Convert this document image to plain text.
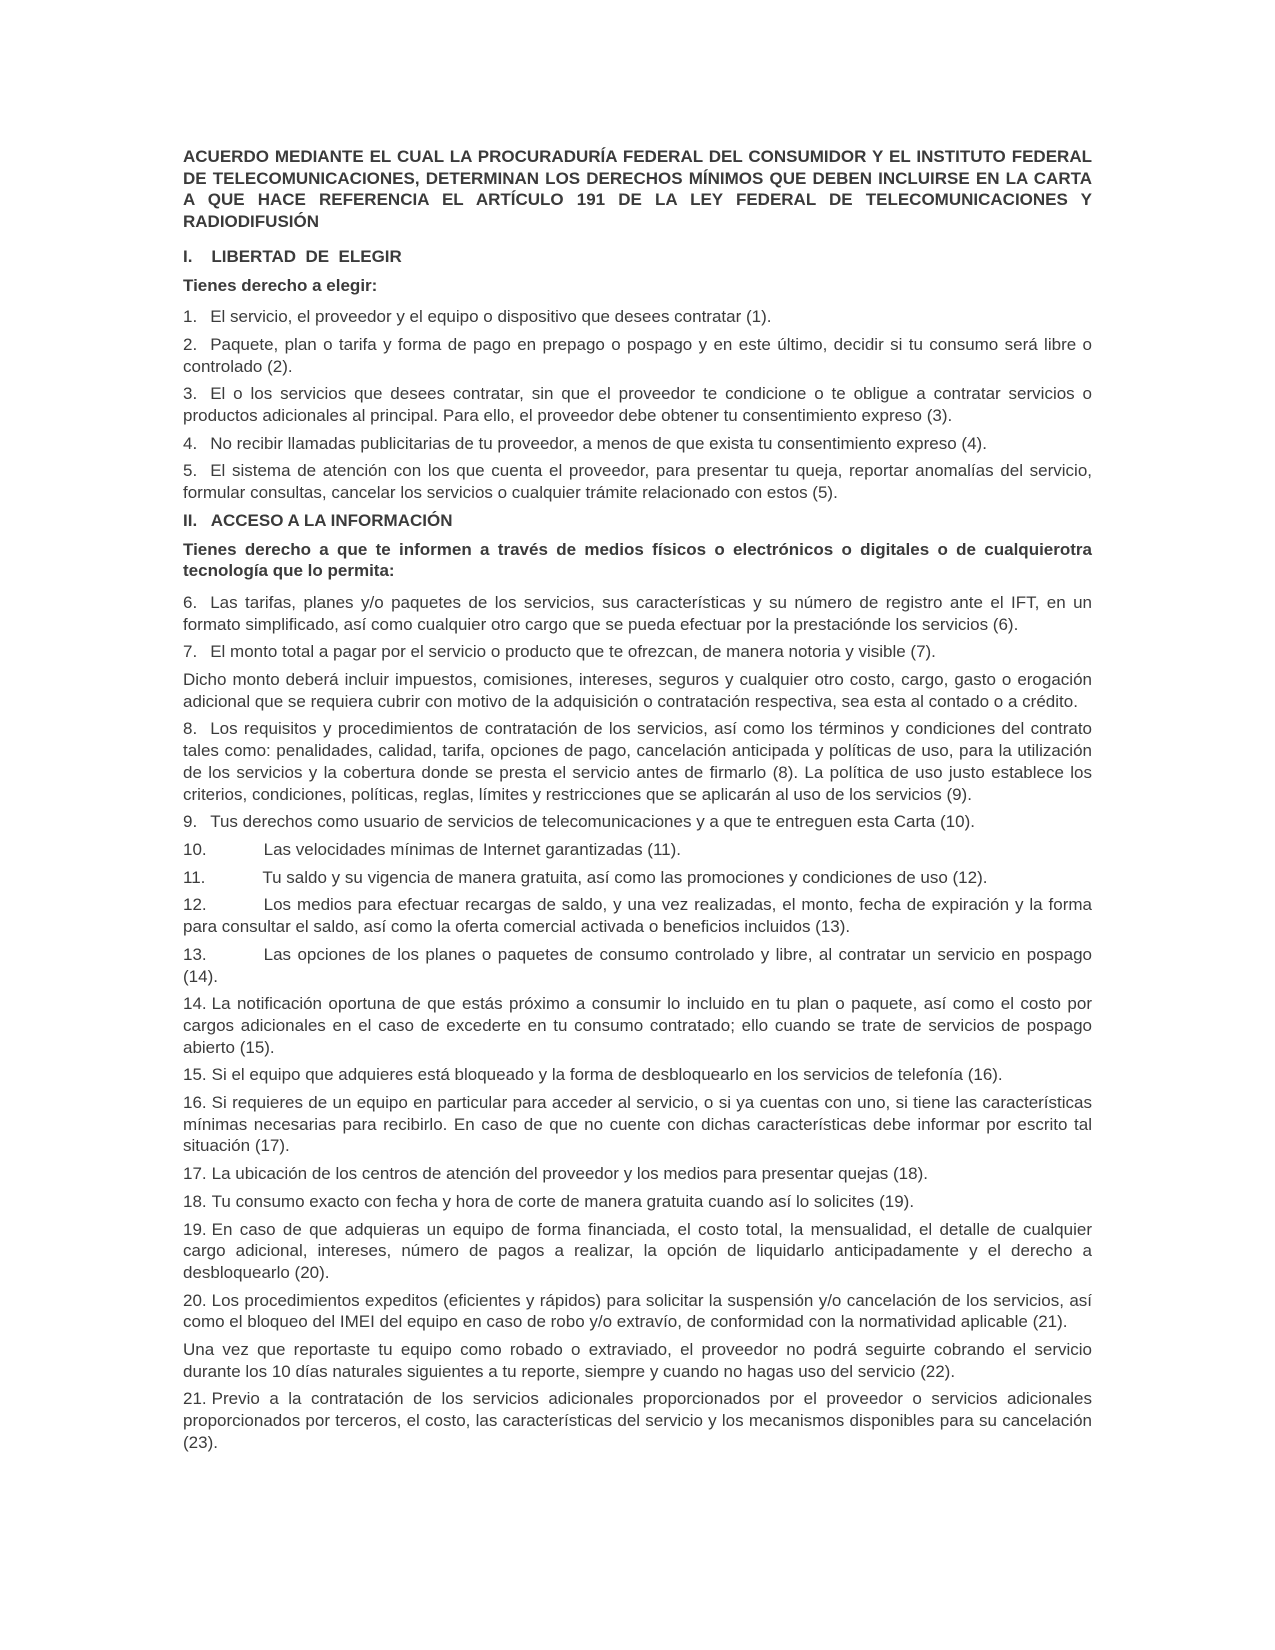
ACUERDO MEDIANTE EL CUAL LA PROCURADURÍA FEDERAL DEL CONSUMIDOR Y EL INSTITUTO FEDERAL DE TELECOMUNICACIONES, DETERMINAN LOS DERECHOS MÍNIMOS QUE DEBEN INCLUIRSE EN LA CARTA A QUE HACE REFERENCIA EL ARTÍCULO 191 DE LA LEY FEDERAL DE TELECOMUNICACIONES Y RADIODIFUSIÓN

I.    LIBERTAD  DE  ELEGIR

Tienes derecho a elegir:

1. El servicio, el proveedor y el equipo o dispositivo que desees contratar (1).

2. Paquete, plan o tarifa y forma de pago en prepago o pospago y en este último, decidir si tu consumo será libre o controlado (2).

3. El o los servicios que desees contratar, sin que el proveedor te condicione o te obligue a contratar servicios o productos adicionales al principal. Para ello, el proveedor debe obtener tu consentimiento expreso (3).

4. No recibir llamadas publicitarias de tu proveedor, a menos de que exista tu consentimiento expreso (4).

5. El sistema de atención con los que cuenta el proveedor, para presentar tu queja, reportar anomalías del servicio, formular consultas, cancelar los servicios o cualquier trámite relacionado con estos (5).

II.   ACCESO A LA INFORMACIÓN

Tienes derecho a que te informen a través de medios físicos o electrónicos o digitales o de cualquierotra tecnología que lo permita:

6. Las tarifas, planes y/o paquetes de los servicios, sus características y su número de registro ante el IFT, en un formato simplificado, así como cualquier otro cargo que se pueda efectuar por la prestaciónde los servicios (6).

7. El monto total a pagar por el servicio o producto que te ofrezcan, de manera notoria y visible (7).

Dicho monto deberá incluir impuestos, comisiones, intereses, seguros y cualquier otro costo, cargo, gasto o erogación adicional que se requiera cubrir con motivo de la adquisición o contratación respectiva, sea esta al contado o a crédito.

8. Los requisitos y procedimientos de contratación de los servicios, así como los términos y condiciones del contrato tales como: penalidades, calidad, tarifa, opciones de pago, cancelación anticipada y políticas de uso, para la utilización de los servicios y la cobertura donde se presta el servicio antes de firmarlo (8). La política de uso justo establece los criterios, condiciones, políticas, reglas, límites y restricciones que se aplicarán al uso de los servicios (9).

9. Tus derechos como usuario de servicios de telecomunicaciones y a que te entreguen esta Carta (10).

10.	Las velocidades mínimas de Internet garantizadas (11).

11.	Tu saldo y su vigencia de manera gratuita, así como las promociones y condiciones de uso (12).

12.	Los medios para efectuar recargas de saldo, y una vez realizadas, el monto, fecha de expiración y la forma para consultar el saldo, así como la oferta comercial activada o beneficios incluidos (13).

13.	Las opciones de los planes o paquetes de consumo controlado y libre, al contratar un servicio en pospago (14).

14. La notificación oportuna de que estás próximo a consumir lo incluido en tu plan o paquete, así como el costo por cargos adicionales en el caso de excederte en tu consumo contratado; ello cuando se trate de servicios de pospago abierto (15).

15. Si el equipo que adquieres está bloqueado y la forma de desbloquearlo en los servicios de telefonía (16).

16. Si requieres de un equipo en particular para acceder al servicio, o si ya cuentas con uno, si tiene las características mínimas necesarias para recibirlo. En caso de que no cuente con dichas características debe informar por escrito tal situación (17).

17. La ubicación de los centros de atención del proveedor y los medios para presentar quejas (18).

18. Tu consumo exacto con fecha y hora de corte de manera gratuita cuando así lo solicites (19).

19. En caso de que adquieras un equipo de forma financiada, el costo total, la mensualidad, el detalle de cualquier cargo adicional, intereses, número de pagos a realizar, la opción de liquidarlo anticipadamente y el derecho a desbloquearlo (20).

20. Los procedimientos expeditos (eficientes y rápidos) para solicitar la suspensión y/o cancelación de los servicios, así como el bloqueo del IMEI del equipo en caso de robo y/o extravío, de conformidad con la normatividad aplicable (21).

Una vez que reportaste tu equipo como robado o extraviado, el proveedor no podrá seguirte cobrando el servicio durante los 10 días naturales siguientes a tu reporte, siempre y cuando no hagas uso del servicio (22).

21. Previo a la contratación de los servicios adicionales proporcionados por el proveedor o servicios adicionales proporcionados por terceros, el costo, las características del servicio y los mecanismos disponibles para su cancelación (23).
